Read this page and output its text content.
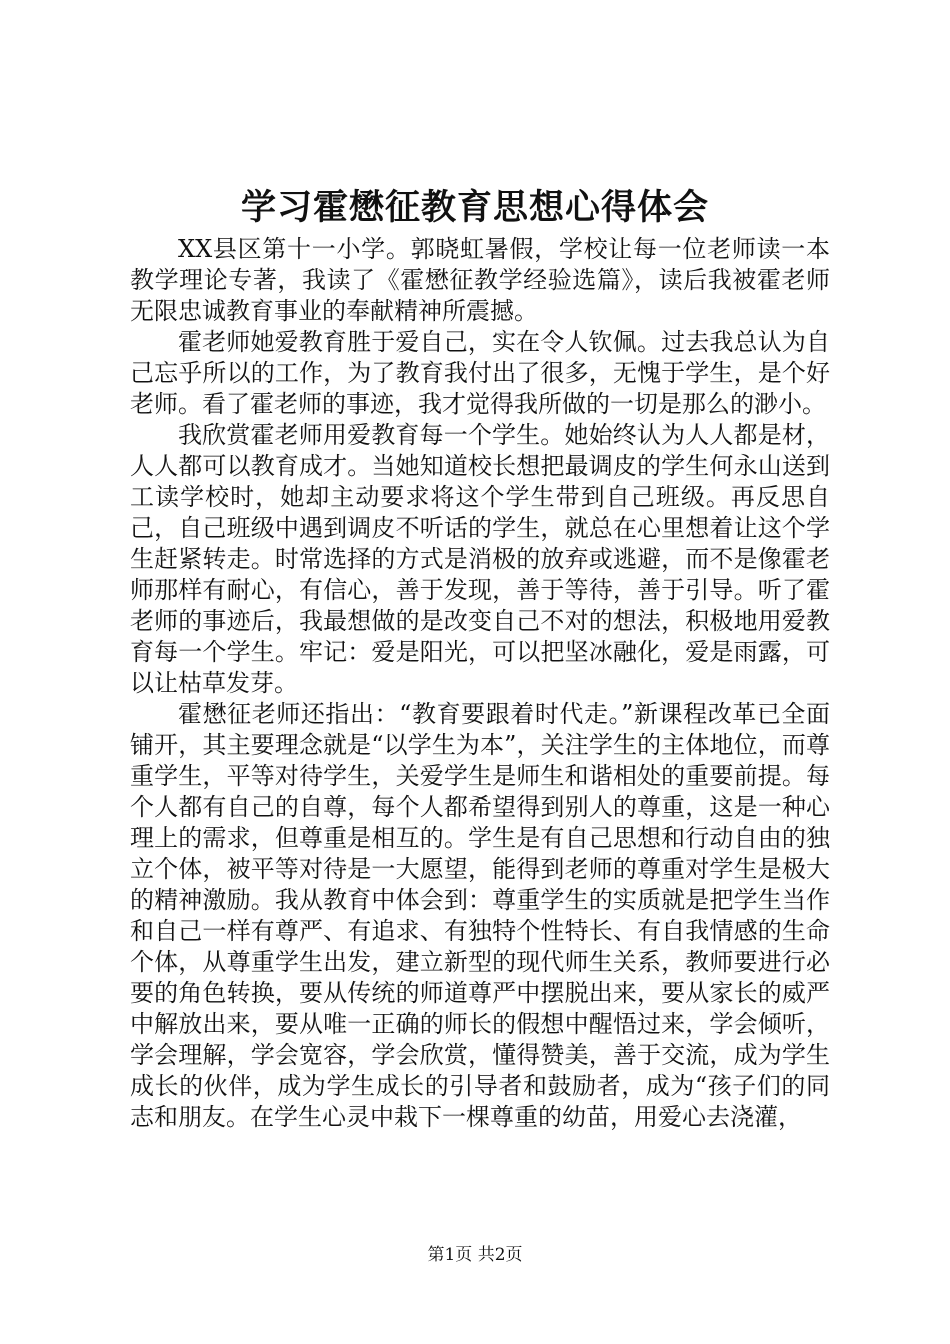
学习霍懋征教育思想心得体会

XX县区第十一小学。郭晓虹暑假，学校让每一位老师读一本教学理论专著，我读了《霍懋征教学经验选篇》，读后我被霍老师无限忠诚教育事业的奉献精神所震撼。

霍老师她爱教育胜于爱自己，实在令人钦佩。过去我总认为自己忘乎所以的工作，为了教育我付出了很多，无愧于学生，是个好老师。看了霍老师的事迹，我才觉得我所做的一切是那么的渺小。

我欣赏霍老师用爱教育每一个学生。她始终认为人人都是材，人人都可以教育成才。当她知道校长想把最调皮的学生何永山送到工读学校时，她却主动要求将这个学生带到自己班级。再反思自己，自己班级中遇到调皮不听话的学生，就总在心里想着让这个学生赶紧转走。时常选择的方式是消极的放弃或逃避，而不是像霍老师那样有耐心，有信心，善于发现，善于等待，善于引导。听了霍老师的事迹后，我最想做的是改变自己不对的想法，积极地用爱教育每一个学生。牢记：爱是阳光，可以把坚冰融化，爱是雨露，可以让枯草发芽。

霍懋征老师还指出：“教育要跟着时代走。”新课程改革已全面铺开，其主要理念就是“以学生为本”，关注学生的主体地位，而尊重学生，平等对待学生，关爱学生是师生和谐相处的重要前提。每个人都有自己的自尊，每个人都希望得到别人的尊重，这是一种心理上的需求，但尊重是相互的。学生是有自己思想和行动自由的独立个体，被平等对待是一大愿望，能得到老师的尊重对学生是极大的精神激励。我从教育中体会到：尊重学生的实质就是把学生当作和自己一样有尊严、有追求、有独特个性特长、有自我情感的生命个体，从尊重学生出发，建立新型的现代师生关系，教师要进行必要的角色转换，要从传统的师道尊严中摆脱出来，要从家长的威严中解放出来，要从唯一正确的师长的假想中醒悟过来，学会倾听，学会理解，学会宽容，学会欣赏，懂得赞美，善于交流，成为学生成长的伙伴，成为学生成长的引导者和鼓励者，成为“孩子们的同志和朋友。在学生心灵中栽下一棵尊重的幼苗，用爱心去浇灌，

第1页 共2页
